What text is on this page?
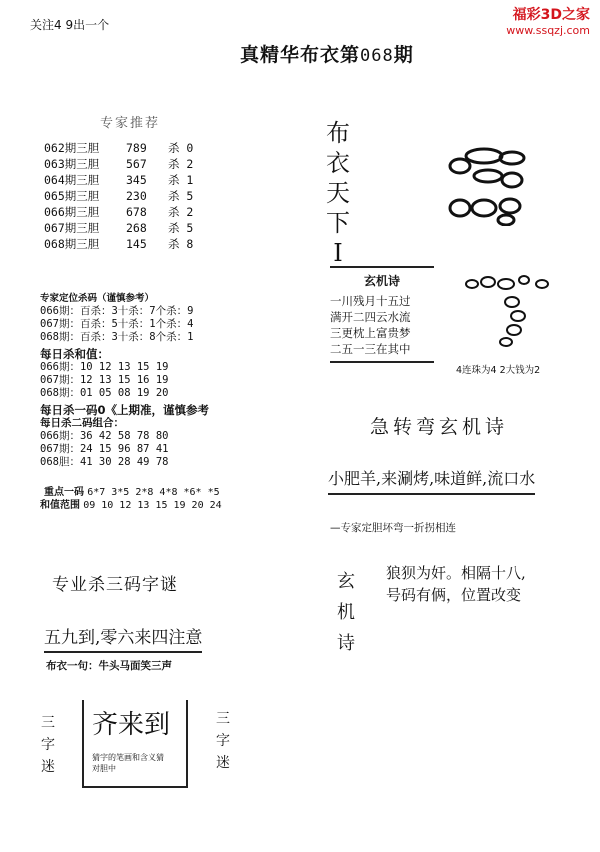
关注4 9出一个
福彩3D之家
www.ssqzj.com
真精华布衣第068期
专家推荐
062期三胆 789 杀 0
063期三胆 567 杀 2
064期三胆 345 杀 1
065期三胆 230 杀 5
066期三胆 678 杀 2
067期三胆 268 杀 5
068期三胆 145 杀 8
布
衣
天
下
I
玄机诗
一川残月十五过
满开二四云水流
三更枕上富贵梦
二五一三在其中
4连珠为4 2大钱为2
专家定位杀码（谨慎参考）
066期：百杀：3十杀：7个杀：9
067期：百杀：5十杀：1个杀：4
068期：百杀：3十杀：8个杀：1
每日杀和值：
066期：10 12 13 15 19
067期：12 13 15 16 19
068期：01 05 08 19 20
每日杀一码0《上期准，谨慎参考
每日杀二码组合：
066期：36 42 58 78 80
067期：24 15 96 87 41
068胆：41 30 28 49 78
重点一码 6*7 3*5 2*8 4*8 *6* *5
和值范围 09 10 12 13 15 19 20 24
急转弯玄机诗
小肥羊,来涮烤,味道鲜,流口水
—专家定胆坏弯一折拐相连
玄
机
诗
狼狈为奸。相隔十八,
号码有俩，位置改变
专业杀三码字谜
五九到,零六来四注意
布衣一句：牛头马面笑三声
三
字
迷
三
字
迷
齐来到
猜字的笔画和含义猜
对胆中
